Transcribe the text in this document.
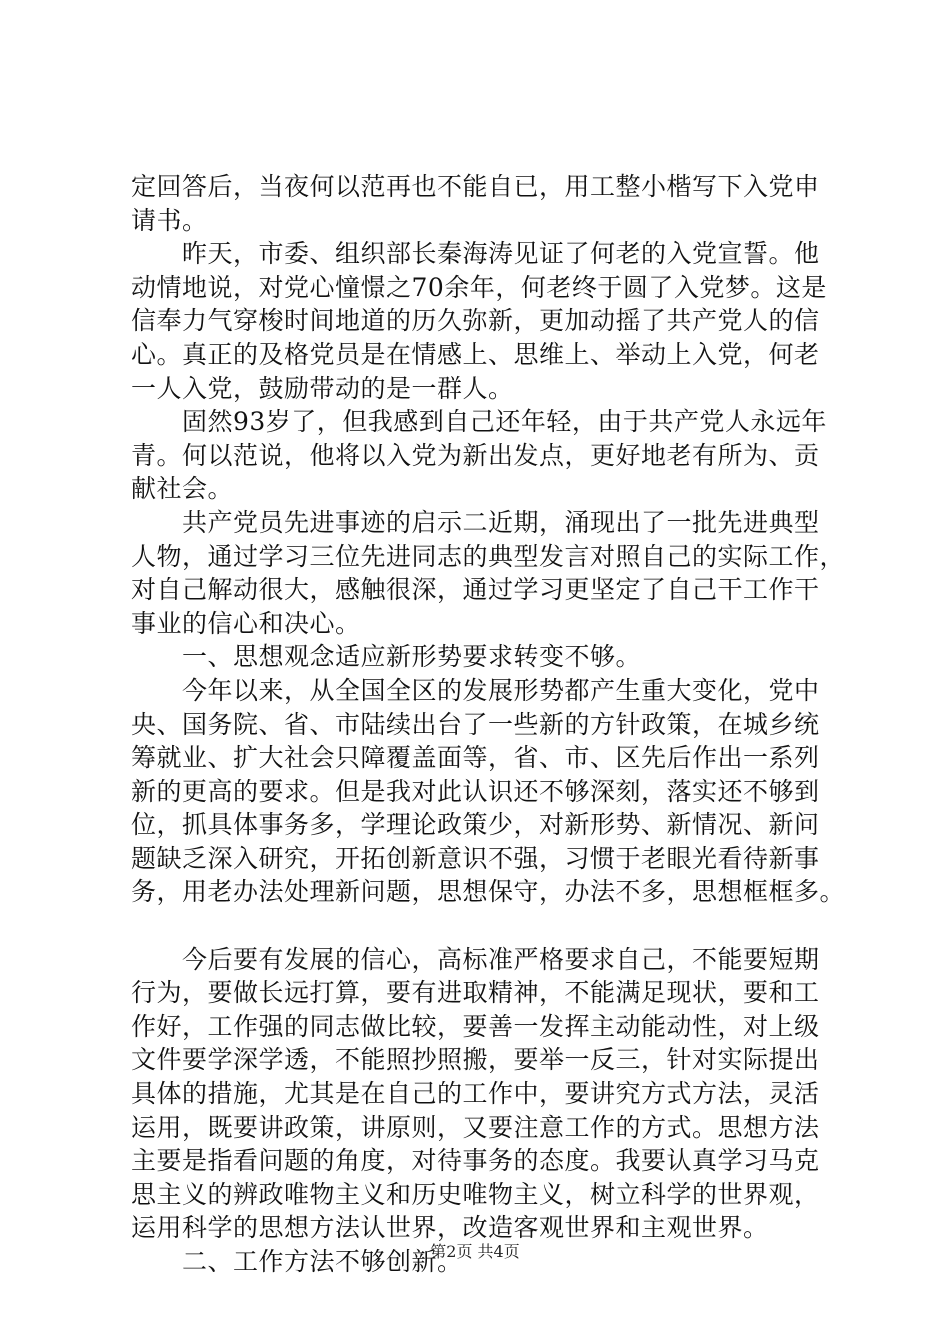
定回答后，当夜何以范再也不能自已，用工整小楷写下入党申
请书。
　　昨天，市委、组织部长秦海涛见证了何老的入党宣誓。他
动情地说，对党心憧憬之70余年，何老终于圆了入党梦。这是
信奉力气穿梭时间地道的历久弥新，更加动摇了共产党人的信
心。真正的及格党员是在情感上、思维上、举动上入党，何老
一人入党，鼓励带动的是一群人。
　　固然93岁了，但我感到自己还年轻，由于共产党人永远年
青。何以范说，他将以入党为新出发点，更好地老有所为、贡
献社会。
　　共产党员先进事迹的启示二近期，涌现出了一批先进典型
人物，通过学习三位先进同志的典型发言对照自己的实际工作，
对自己解动很大，感触很深，通过学习更坚定了自己干工作干
事业的信心和决心。
　　一、思想观念适应新形势要求转变不够。
　　今年以来，从全国全区的发展形势都产生重大变化，党中
央、国务院、省、市陆续出台了一些新的方针政策，在城乡统
筹就业、扩大社会只障覆盖面等，省、市、区先后作出一系列
新的更高的要求。但是我对此认识还不够深刻，落实还不够到
位，抓具体事务多，学理论政策少，对新形势、新情况、新问
题缺乏深入研究，开拓创新意识不强，习惯于老眼光看待新事
务，用老办法处理新问题，思想保守，办法不多，思想框框多。
　　今后要有发展的信心，高标准严格要求自己，不能要短期
行为，要做长远打算，要有进取精神，不能满足现状，要和工
作好，工作强的同志做比较，要善一发挥主动能动性，对上级
文件要学深学透，不能照抄照搬，要举一反三，针对实际提出
具体的措施，尤其是在自己的工作中，要讲究方式方法，灵活
运用，既要讲政策，讲原则，又要注意工作的方式。思想方法
主要是指看问题的角度，对待事务的态度。我要认真学习马克
思主义的辨政唯物主义和历史唯物主义，树立科学的世界观，
运用科学的思想方法认世界，改造客观世界和主观世界。
　　二、工作方法不够创新。
第2页 共4页
